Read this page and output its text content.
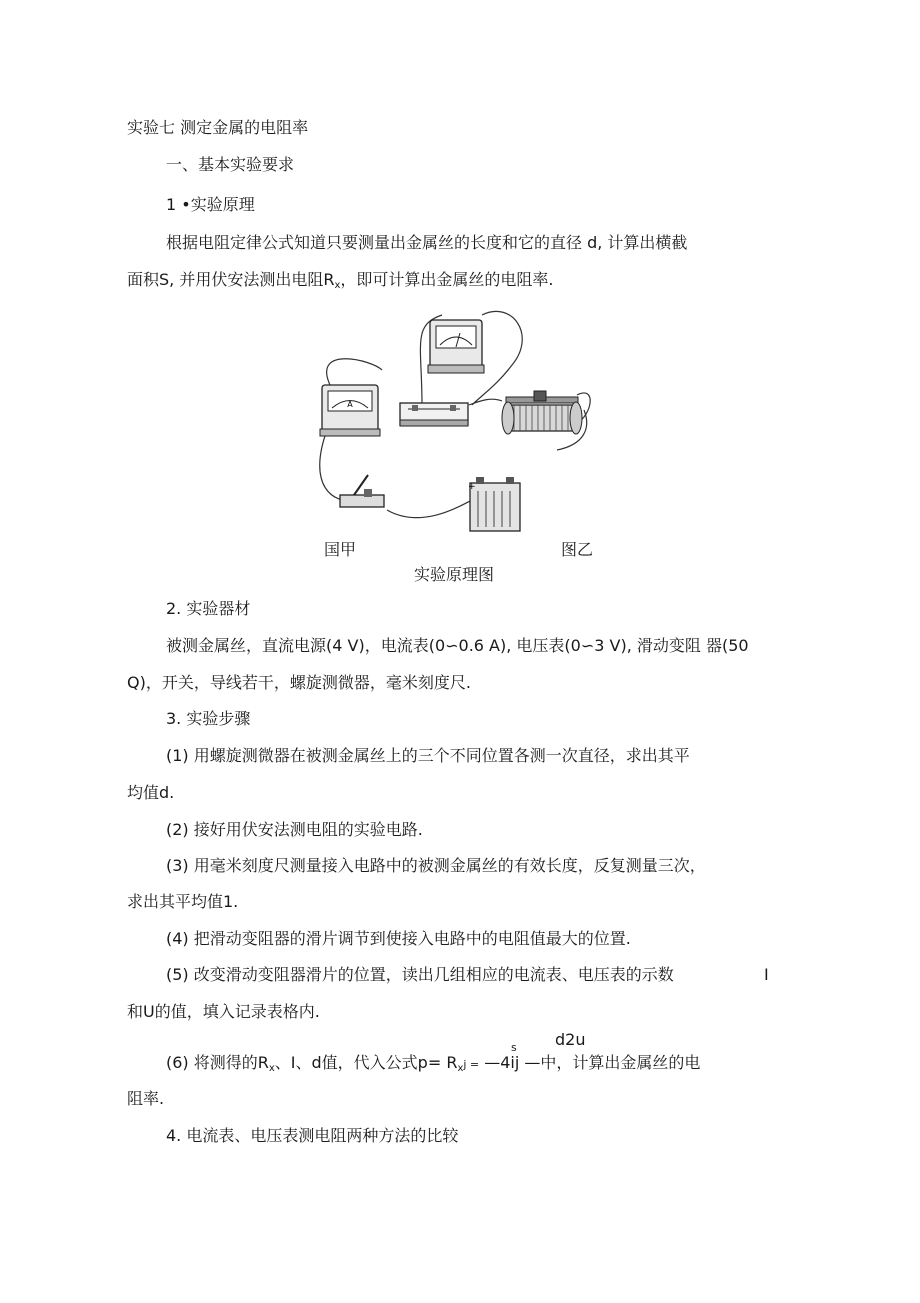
实验七 测定金属的电阻率
一、基本实验要求
1 •实验原理
根据电阻定律公式知道只要测量出金属丝的长度和它的直径 d, 计算出横截
面积S, 并用伏安法测出电阻Rx，即可计算出金属丝的电阻率.
A
+
国甲	图乙
实验原理图
2. 实验器材
被测金属丝，直流电源(4 V)，电流表(0∽0.6 A), 电压表(0∽3 V), 滑动变阻 器(50
Q)，开关，导线若干，螺旋测微器，毫米刻度尺.
3. 实验步骤
(1) 用螺旋测微器在被测金属丝上的三个不同位置各测一次直径，求出其平
均值d.
(2) 接好用伏安法测电阻的实验电路.
(3) 用毫米刻度尺测量接入电路中的被测金属丝的有效长度，反复测量三次，
求出其平均值1.
(4) 把滑动变阻器的滑片调节到使接入电路中的电阻值最大的位置.
(5) 改变滑动变阻器滑片的位置，读出几组相应的电流表、电压表的示数	I
和U的值，填入记录表格内.
s d2u
(6) 将测得的Rx、I、d值，代入公式p= Rxj = —4ij —中，计算出金属丝的电
阻率.
4. 电流表、电压表测电阻两种方法的比较
